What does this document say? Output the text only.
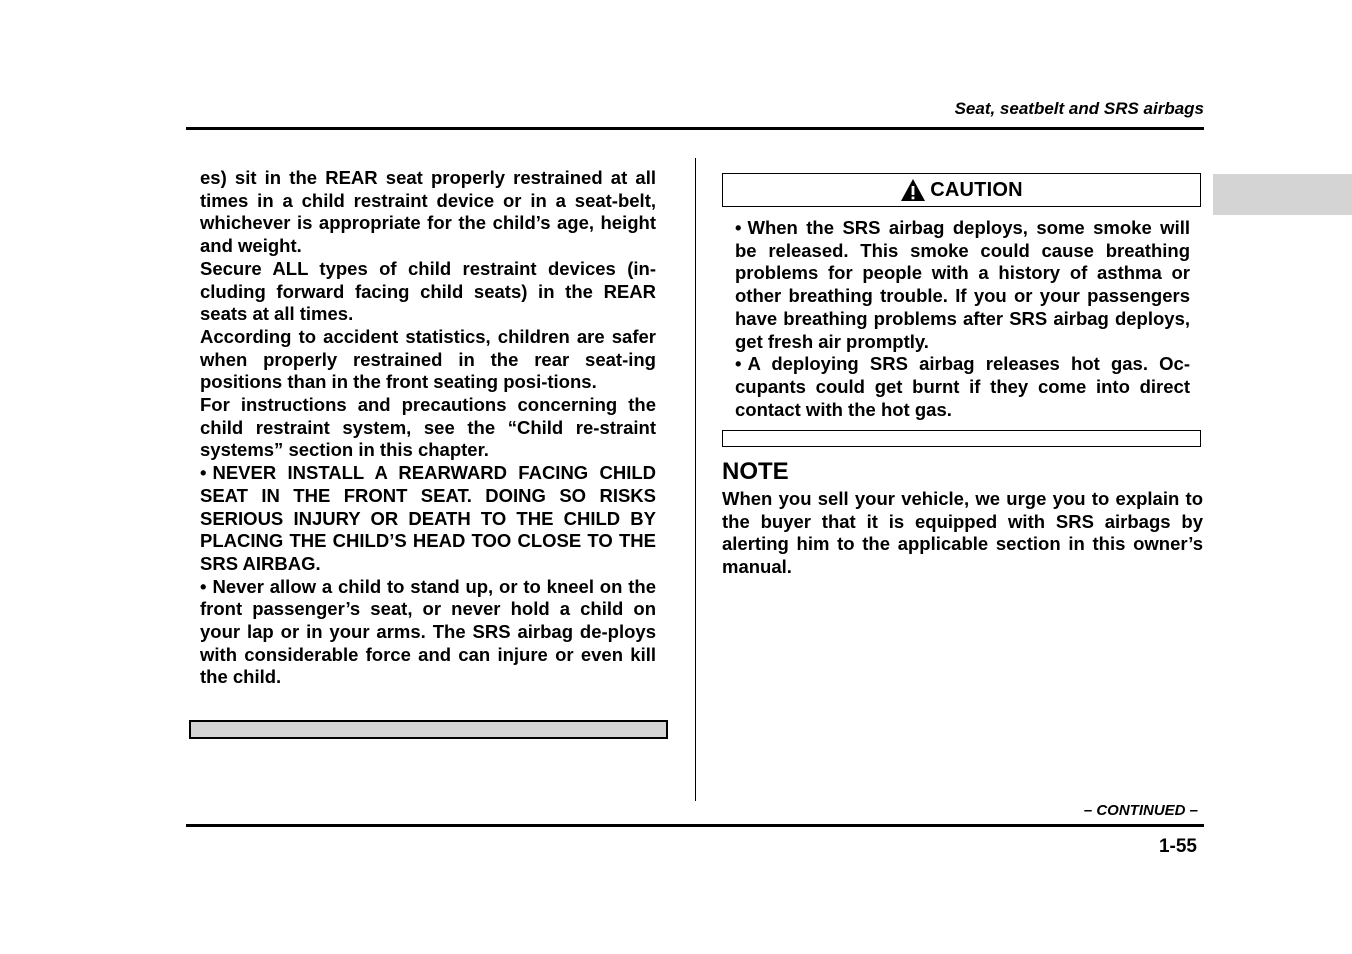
Seat, seatbelt and SRS airbags

es) sit in the REAR seat properly restrained at all times in a child restraint device or in a seat-belt, whichever is appropriate for the child’s age, height and weight.

Secure ALL types of child restraint devices (in-cluding forward facing child seats) in the REAR seats at all times.

According to accident statistics, children are safer when properly restrained in the rear seat-ing positions than in the front seating posi-tions.

For instructions and precautions concerning the child restraint system, see the “Child re-straint systems” section in this chapter.

• NEVER INSTALL A REARWARD FACING CHILD SEAT IN THE FRONT SEAT. DOING SO RISKS SERIOUS INJURY OR DEATH TO THE CHILD BY PLACING THE CHILD’S HEAD TOO CLOSE TO THE SRS AIRBAG.

• Never allow a child to stand up, or to kneel on the front passenger’s seat, or never hold a child on your lap or in your arms. The SRS airbag de-ploys with considerable force and can injure or even kill the child.

CAUTION

• When the SRS airbag deploys, some smoke will be released. This smoke could cause breathing problems for people with a history of asthma or other breathing trouble. If you or your passengers have breathing problems after SRS airbag deploys, get fresh air promptly.

• A deploying SRS airbag releases hot gas. Oc-cupants could get burnt if they come into direct contact with the hot gas.

NOTE

When you sell your vehicle, we urge you to explain to the buyer that it is equipped with SRS airbags by alerting him to the applicable section in this owner’s manual.

– CONTINUED –
1-55
